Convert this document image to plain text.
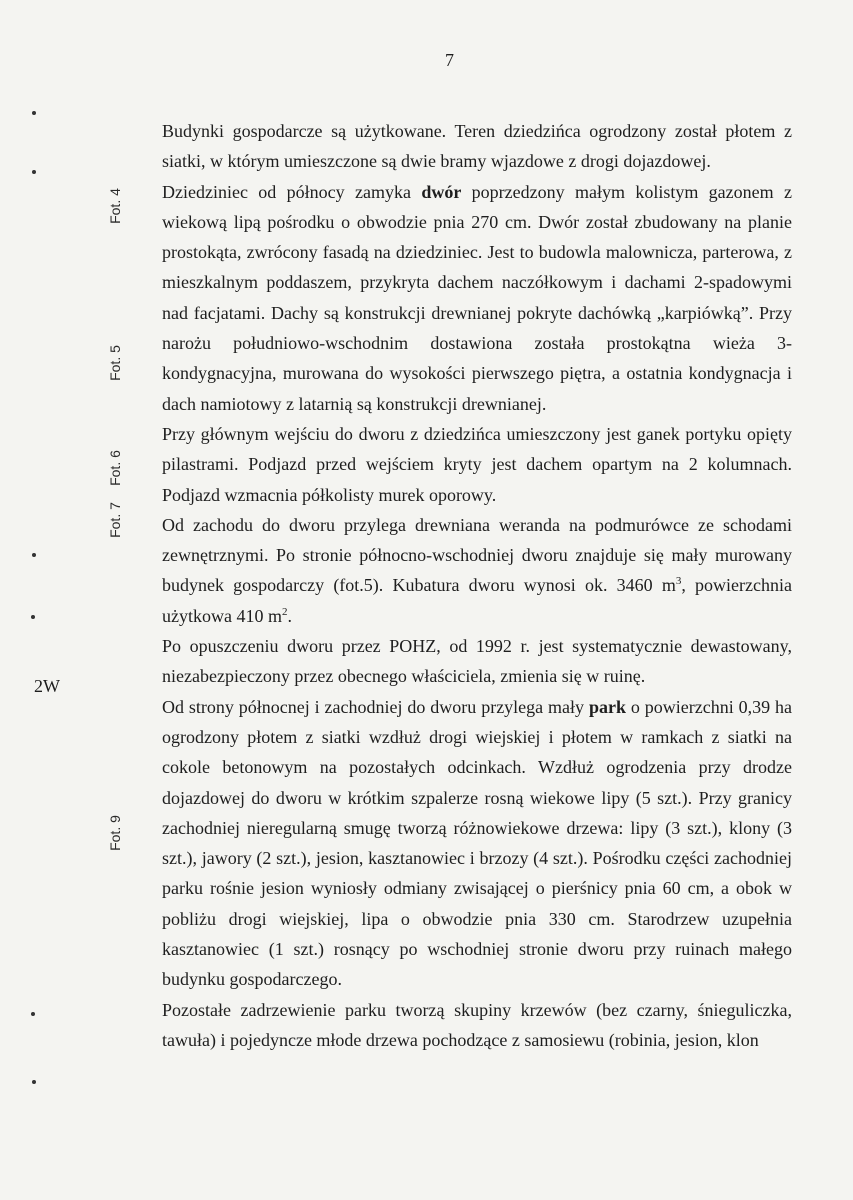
7
Fot. 4
Fot. 5
Fot. 7
Fot. 6
Fot. 9
2W

Budynki gospodarcze są użytkowane. Teren dziedzińca ogrodzony został płotem z siatki, w którym umieszczone są dwie bramy wjazdowe z drogi dojazdowej.

Dziedziniec od północy zamyka dwór poprzedzony małym kolistym gazonem z wiekową lipą pośrodku o obwodzie pnia 270 cm. Dwór został zbudowany na planie prostokąta, zwrócony fasadą na dziedziniec. Jest to budowla malownicza, parterowa, z mieszkalnym poddaszem, przykryta dachem naczółkowym i dachami 2-spadowymi nad facjatami. Dachy są konstrukcji drewnianej pokryte dachówką „karpiówką”. Przy narożu południowo-wschodnim dostawiona została prostokątna wieża 3-kondygnacyjna, murowana do wysokości pierwszego piętra, a ostatnia kondygnacja i dach namiotowy z latarnią są konstrukcji drewnianej.

Przy głównym wejściu do dworu z dziedzińca umieszczony jest ganek portyku opięty pilastrami. Podjazd przed wejściem kryty jest dachem opartym na 2 kolumnach. Podjazd wzmacnia półkolisty murek oporowy.

Od zachodu do dworu przylega drewniana weranda na podmurówce ze schodami zewnętrznymi. Po stronie północno-wschodniej dworu znajduje się mały murowany budynek gospodarczy (fot.5). Kubatura dworu wynosi ok. 3460 $m^3$, powierzchnia użytkowa 410 $m^2$.

Po opuszczeniu dworu przez POHZ, od 1992 r. jest systematycznie dewastowany, niezabezpieczony przez obecnego właściciela, zmienia się w ruinę.

Od strony północnej i zachodniej do dworu przylega mały park o powierzchni 0,39 ha ogrodzony płotem z siatki wzdłuż drogi wiejskiej i płotem w ramkach z siatki na cokole betonowym na pozostałych odcinkach. Wzdłuż ogrodzenia przy drodze dojazdowej do dworu w krótkim szpalerze rosną wiekowe lipy (5 szt.). Przy granicy zachodniej nieregularną smugę tworzą różnowiekowe drzewa: lipy (3 szt.), klony (3 szt.), jawory (2 szt.), jesion, kasztanowiec i brzozy (4 szt.). Pośrodku części zachodniej parku rośnie jesion wyniosły odmiany zwisającej o pierśnicy pnia 60 cm, a obok w pobliżu drogi wiejskiej, lipa o obwodzie pnia 330 cm. Starodrzew uzupełnia kasztanowiec (1 szt.) rosnący po wschodniej stronie dworu przy ruinach małego budynku gospodarczego.

Pozostałe zadrzewienie parku tworzą skupiny krzewów (bez czarny, śnieguliczka, tawuła) i pojedyncze młode drzewa pochodzące z samosiewu (robinia, jesion, klon
